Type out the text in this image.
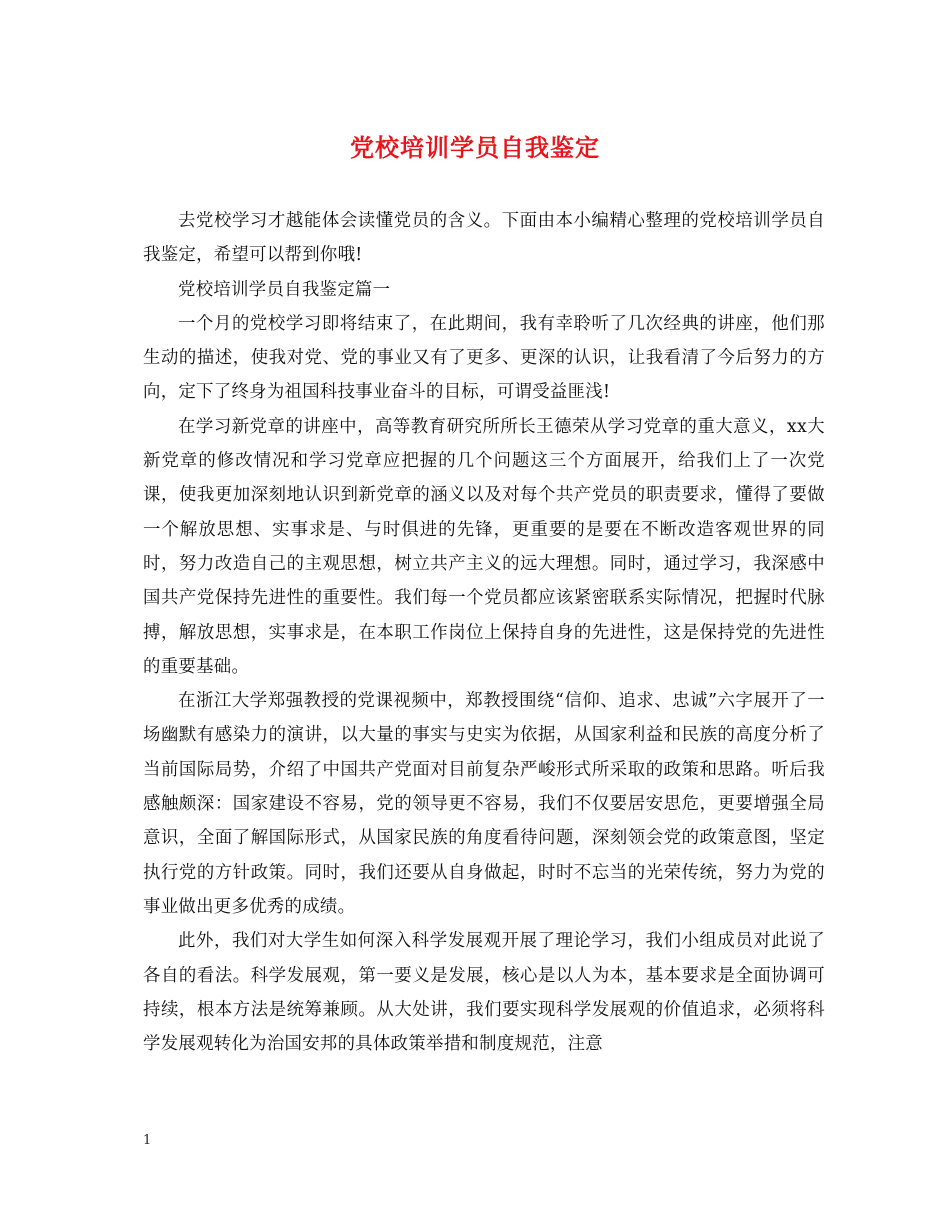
党校培训学员自我鉴定

去党校学习才越能体会读懂党员的含义。下面由本小编精心整理的党校培训学员自我鉴定，希望可以帮到你哦!

党校培训学员自我鉴定篇一

一个月的党校学习即将结束了，在此期间，我有幸聆听了几次经典的讲座，他们那生动的描述，使我对党、党的事业又有了更多、更深的认识，让我看清了今后努力的方向，定下了终身为祖国科技事业奋斗的目标，可谓受益匪浅!

在学习新党章的讲座中，高等教育研究所所长王德荣从学习党章的重大意义，xx大新党章的修改情况和学习党章应把握的几个问题这三个方面展开，给我们上了一次党课，使我更加深刻地认识到新党章的涵义以及对每个共产党员的职责要求，懂得了要做一个解放思想、实事求是、与时俱进的先锋，更重要的是要在不断改造客观世界的同时，努力改造自己的主观思想，树立共产主义的远大理想。同时，通过学习，我深感中国共产党保持先进性的重要性。我们每一个党员都应该紧密联系实际情况，把握时代脉搏，解放思想，实事求是，在本职工作岗位上保持自身的先进性，这是保持党的先进性的重要基础。

在浙江大学郑强教授的党课视频中，郑教授围绕“信仰、追求、忠诚”六字展开了一场幽默有感染力的演讲，以大量的事实与史实为依据，从国家利益和民族的高度分析了当前国际局势，介绍了中国共产党面对目前复杂严峻形式所采取的政策和思路。听后我感触颇深：国家建设不容易，党的领导更不容易，我们不仅要居安思危，更要增强全局意识，全面了解国际形式，从国家民族的角度看待问题，深刻领会党的政策意图，坚定执行党的方针政策。同时，我们还要从自身做起，时时不忘当的光荣传统，努力为党的事业做出更多优秀的成绩。

此外，我们对大学生如何深入科学发展观开展了理论学习，我们小组成员对此说了各自的看法。科学发展观，第一要义是发展，核心是以人为本，基本要求是全面协调可持续，根本方法是统筹兼顾。从大处讲，我们要实现科学发展观的价值追求，必须将科学发展观转化为治国安邦的具体政策举措和制度规范，注意

1
